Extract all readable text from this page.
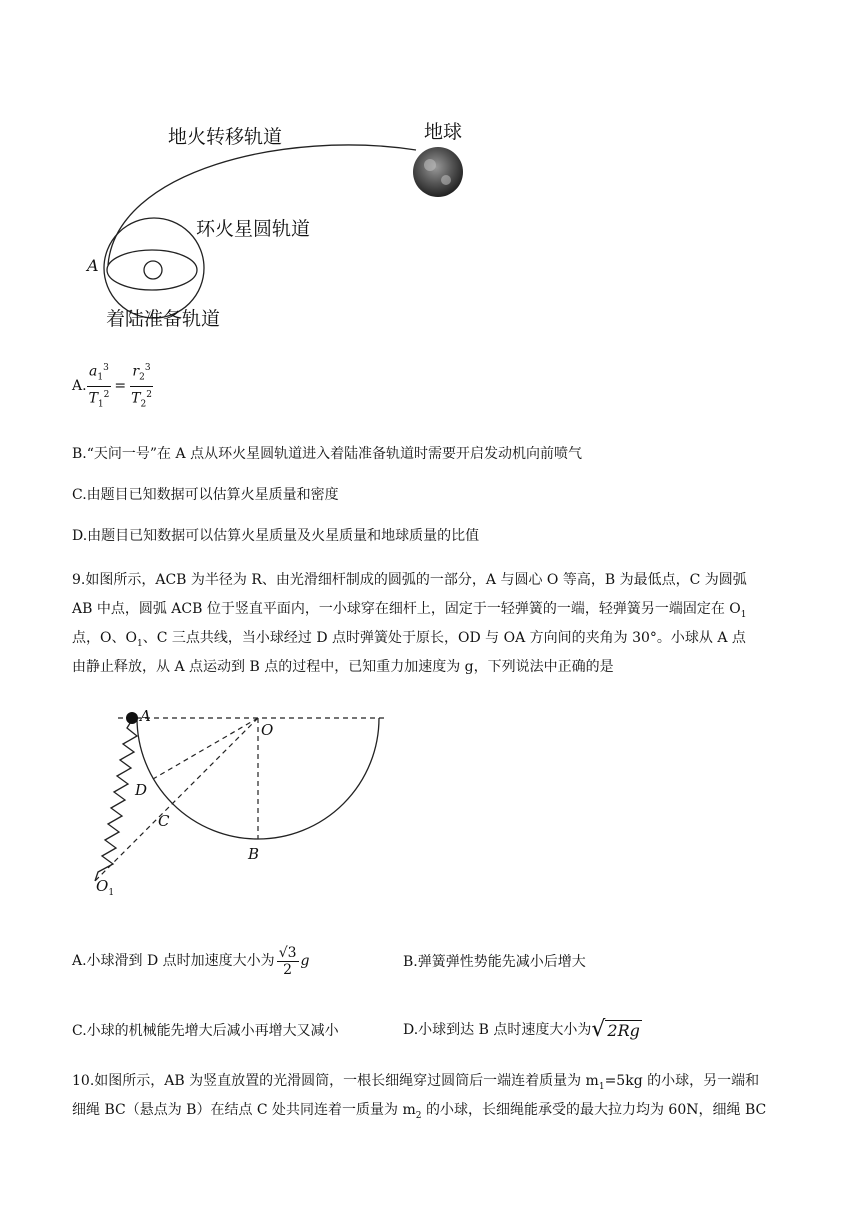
地火转移轨道	地球
环火星圆轨道
A
着陆准备轨道
A. $\frac{a_1^3}{T_1^2} = \frac{r_2^3}{T_2^2}$
B.“天问一号”在 A 点从环火星圆轨道进入着陆准备轨道时需要开启发动机向前喷气
C.由题目已知数据可以估算火星质量和密度
D.由题目已知数据可以估算火星质量及火星质量和地球质量的比值
9.如图所示，ACB 为半径为 R、由光滑细杆制成的圆弧的一部分，A 与圆心 O 等高，B 为最低点，C 为圆弧
AB 中点，圆弧 ACB 位于竖直平面内，一小球穿在细杆上，固定于一轻弹簧的一端，轻弹簧另一端固定在 $O_1$
点，O、$O_1$、C 三点共线，当小球经过 D 点时弹簧处于原长，OD 与 OA 方向间的夹角为 30°。小球从 A 点
由静止释放，从 A 点运动到 B 点的过程中，已知重力加速度为 g，下列说法中正确的是
A
O
D
C
B
$O_1$
A.小球滑到 D 点时加速度大小为 $\frac{√3}{2}$ g	B.弹簧弹性势能先减小后增大
C.小球的机械能先增大后减小再增大又减小	D.小球到达 B 点时速度大小为 √ 2Rg
10.如图所示，AB 为竖直放置的光滑圆筒，一根长细绳穿过圆筒后一端连着质量为 $m_1=5kg$ 的小球，另一端和
细绳 BC（悬点为 B）在结点 C 处共同连着一质量为 $m_2$ 的小球，长细绳能承受的最大拉力均为 60N，细绳 BC
